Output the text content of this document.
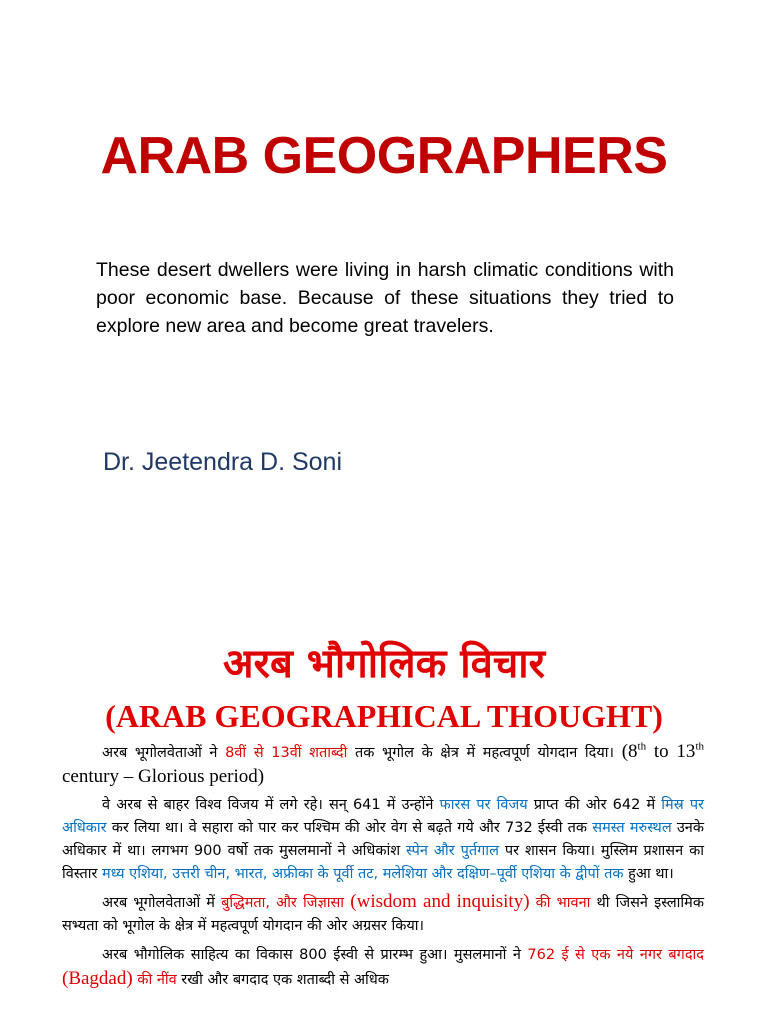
ARAB GEOGRAPHERS

These desert dwellers were living in harsh climatic conditions with poor economic base. Because of these situations they tried to explore new area and become great travelers.

Dr. Jeetendra D. Soni

अरब भौगोलिक विचार
(ARAB GEOGRAPHICAL THOUGHT)

अरब भूगोलवेताओं ने 8वीं से 13वीं शताब्दी तक भूगोल के क्षेत्र में महत्वपूर्ण योगदान दिया। (8th to 13th century – Glorious period)

वे अरब से बाहर विश्व विजय में लगे रहे। सन् 641 में उन्होंने फारस पर विजय प्राप्त की ओर 642 में मिस्र पर अधिकार कर लिया था। वे सहारा को पार कर पश्चिम की ओर वेग से बढ़ते गये और 732 ईस्वी तक समस्त मरुस्थल उनके अधिकार में था। लगभग 900 वर्षो तक मुसलमानों ने अधिकांश स्पेन और पुर्तगाल पर शासन किया। मुस्लिम प्रशासन का विस्तार मध्य एशिया, उत्तरी चीन, भारत, अफ्रीका के पूर्वी तट, मलेशिया और दक्षिण–पूर्वी एशिया के द्वीपों तक हुआ था।

अरब भूगोलवेताओं में बुद्धिमता, और जिज्ञासा (wisdom and inquisity) की भावना थी जिसने इस्लामिक सभ्यता को भूगोल के क्षेत्र में महत्वपूर्ण योगदान की ओर अग्रसर किया।

अरब भौगोलिक साहित्य का विकास 800 ईस्वी से प्रारम्भ हुआ। मुसलमानों ने 762 ई से एक नये नगर बगदाद (Bagdad) की नींव रखी और बगदाद एक शताब्दी से अधिक
